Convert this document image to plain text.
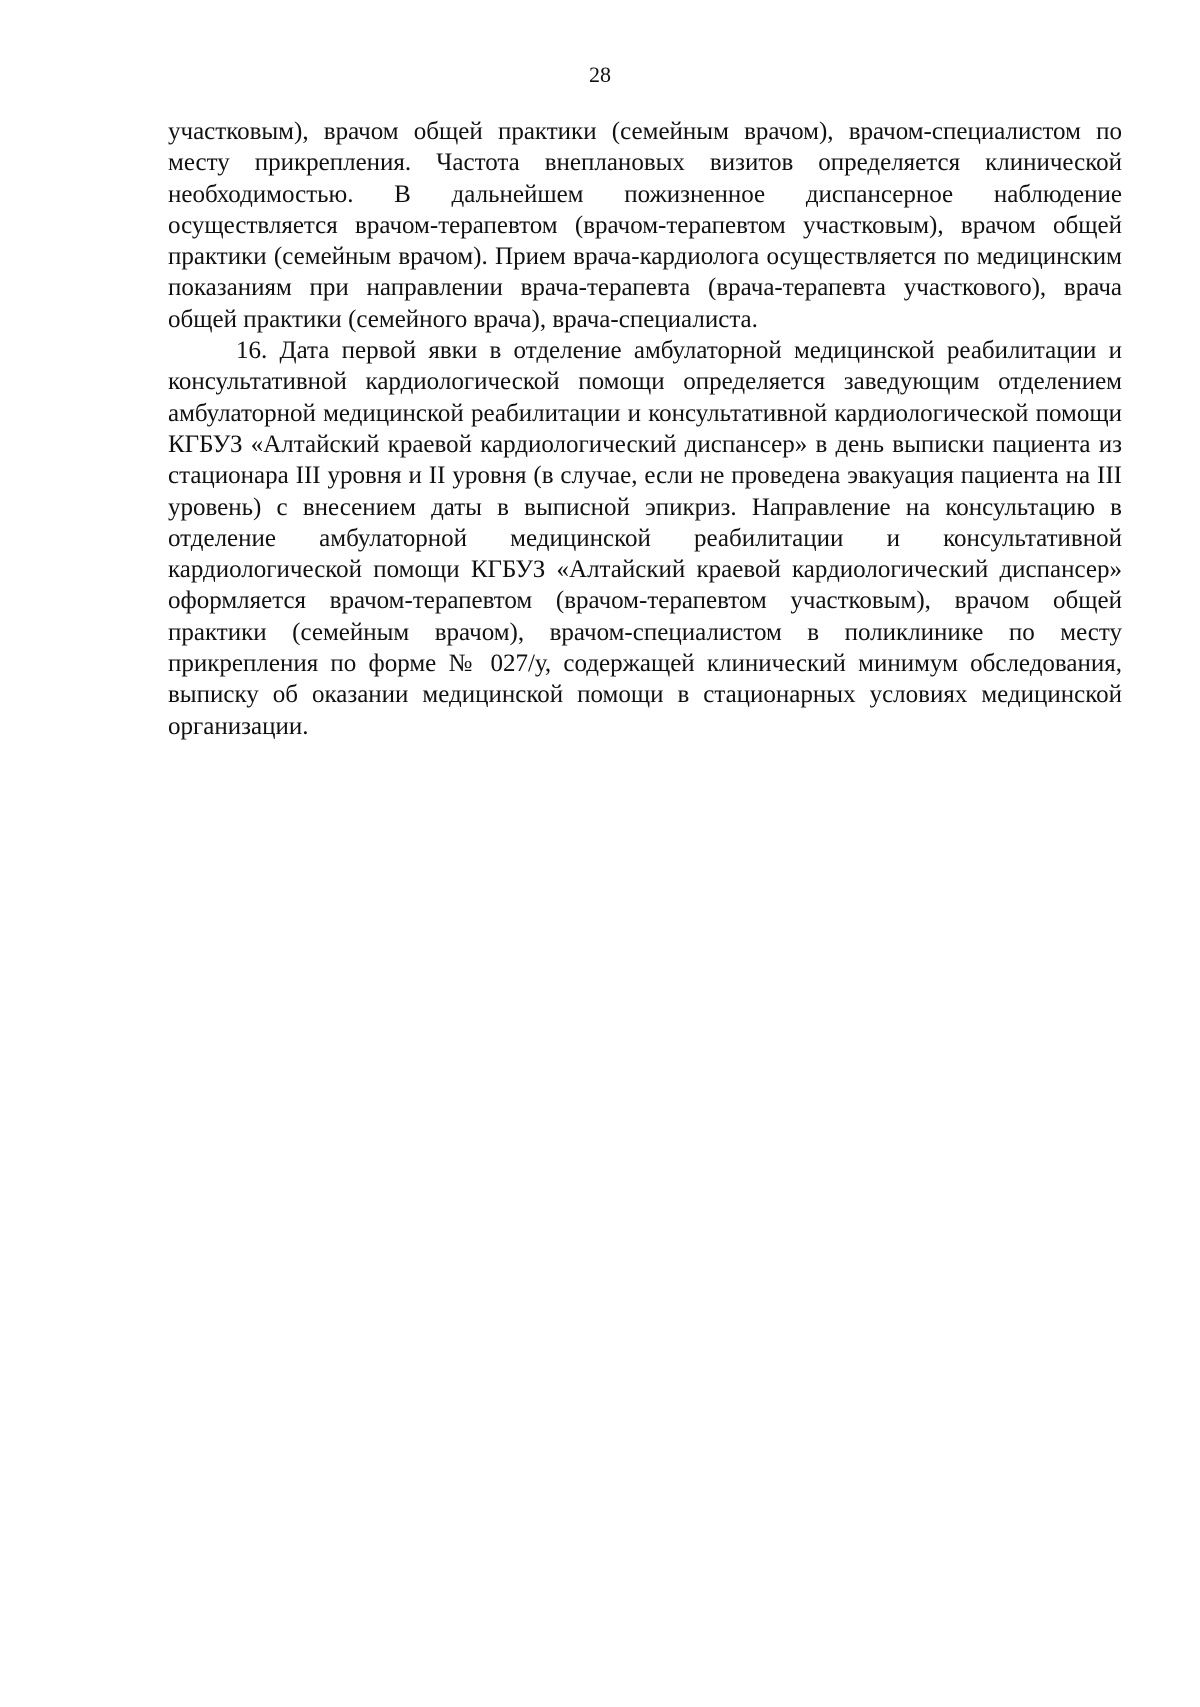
28

участковым), врачом общей практики (семейным врачом), врачом-специалистом по месту прикрепления. Частота внеплановых визитов определяется клинической необходимостью. В дальнейшем пожизненное диспансерное наблюдение осуществляется врачом-терапевтом (врачом-терапевтом участковым), врачом общей практики (семейным врачом). Прием врача-кардиолога осуществляется по медицинским показаниям при направлении врача-терапевта (врача-терапевта участкового), врача общей практики (семейного врача), врача-специалиста.

16. Дата первой явки в отделение амбулаторной медицинской реабилитации и консультативной кардиологической помощи определяется заведующим отделением амбулаторной медицинской реабилитации и консультативной кардиологической помощи КГБУЗ «Алтайский краевой кардиологический диспансер» в день выписки пациента из стационара III уровня и II уровня (в случае, если не проведена эвакуация пациента на III уровень) с внесением даты в выписной эпикриз. Направление на консультацию в отделение амбулаторной медицинской реабилитации и консультативной кардиологической помощи КГБУЗ «Алтайский краевой кардиологический диспансер» оформляется врачом-терапевтом (врачом-терапевтом участковым), врачом общей практики (семейным врачом), врачом-специалистом в поликлинике по месту прикрепления по форме № 027/у, содержащей клинический минимум обследования, выписку об оказании медицинской помощи в стационарных условиях медицинской организации.
